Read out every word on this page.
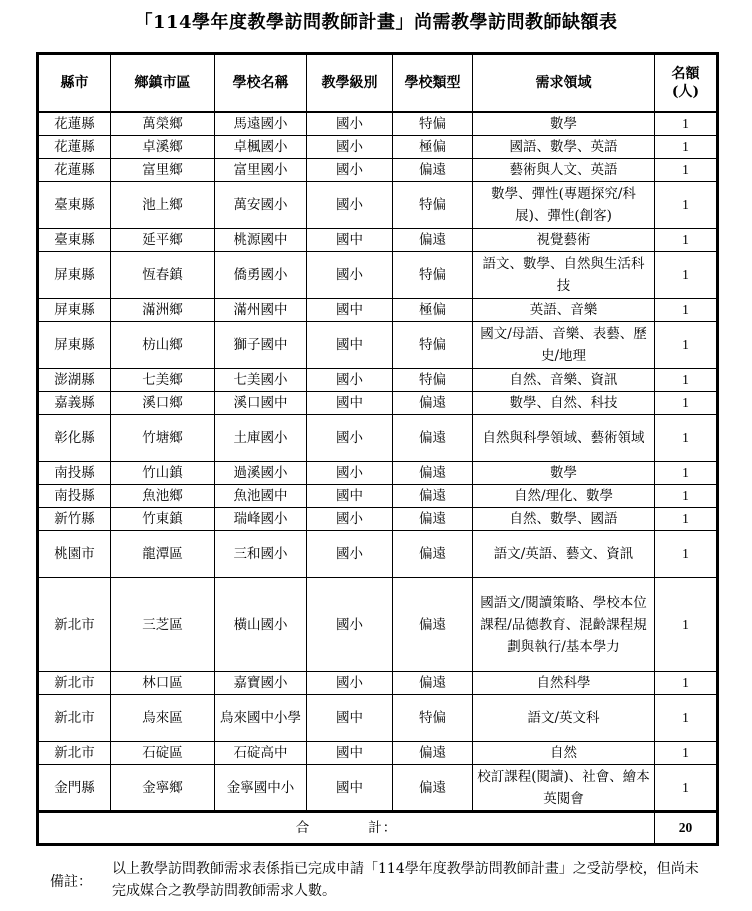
「114學年度教學訪問教師計畫」尚需教學訪問教師缺額表
縣市	鄉鎮市區	學校名稱	教學級別	學校類型	需求領域	名額
(人)
花蓮縣	萬榮鄉	馬遠國小	國小	特偏	數學	1
花蓮縣	卓溪鄉	卓楓國小	國小	極偏	國語、數學、英語	1
花蓮縣	富里鄉	富里國小	國小	偏遠	藝術與人文、英語	1
臺東縣	池上鄉	萬安國小	國小	特偏	數學、彈性(專題探究/科展)、彈性(創客)	1
臺東縣	延平鄉	桃源國中	國中	偏遠	視覺藝術	1
屏東縣	恆春鎮	僑勇國小	國小	特偏	語文、數學、自然與生活科技	1
屏東縣	滿洲鄉	滿州國中	國中	極偏	英語、音樂	1
屏東縣	枋山鄉	獅子國中	國中	特偏	國文/母語、音樂、表藝、歷史/地理	1
澎湖縣	七美鄉	七美國小	國小	特偏	自然、音樂、資訊	1
嘉義縣	溪口鄉	溪口國中	國中	偏遠	數學、自然、科技	1
彰化縣	竹塘鄉	土庫國小	國小	偏遠	自然與科學領域、藝術領域	1
南投縣	竹山鎮	過溪國小	國小	偏遠	數學	1
南投縣	魚池鄉	魚池國中	國中	偏遠	自然/理化、數學	1
新竹縣	竹東鎮	瑞峰國小	國小	偏遠	自然、數學、國語	1
桃園市	龍潭區	三和國小	國小	偏遠	語文/英語、藝文、資訊	1
新北市	三芝區	橫山國小	國小	偏遠	國語文/閱讀策略、學校本位課程/品德教育、混齡課程規劃與執行/基本學力	1
新北市	林口區	嘉寶國小	國小	偏遠	自然科學	1
新北市	烏來區	烏來國中小學	國中	特偏	語文/英文科	1
新北市	石碇區	石碇高中	國中	偏遠	自然	1
金門縣	金寧鄉	金寧國中小	國中	偏遠	校訂課程(閱讀)、社會、繪本英閱會	1
合　　　　計：						20
備註：
以上教學訪問教師需求表係指已完成申請「114學年度教學訪問教師計畫」之受訪學校，但尚未完成媒合之教學訪問教師需求人數。
